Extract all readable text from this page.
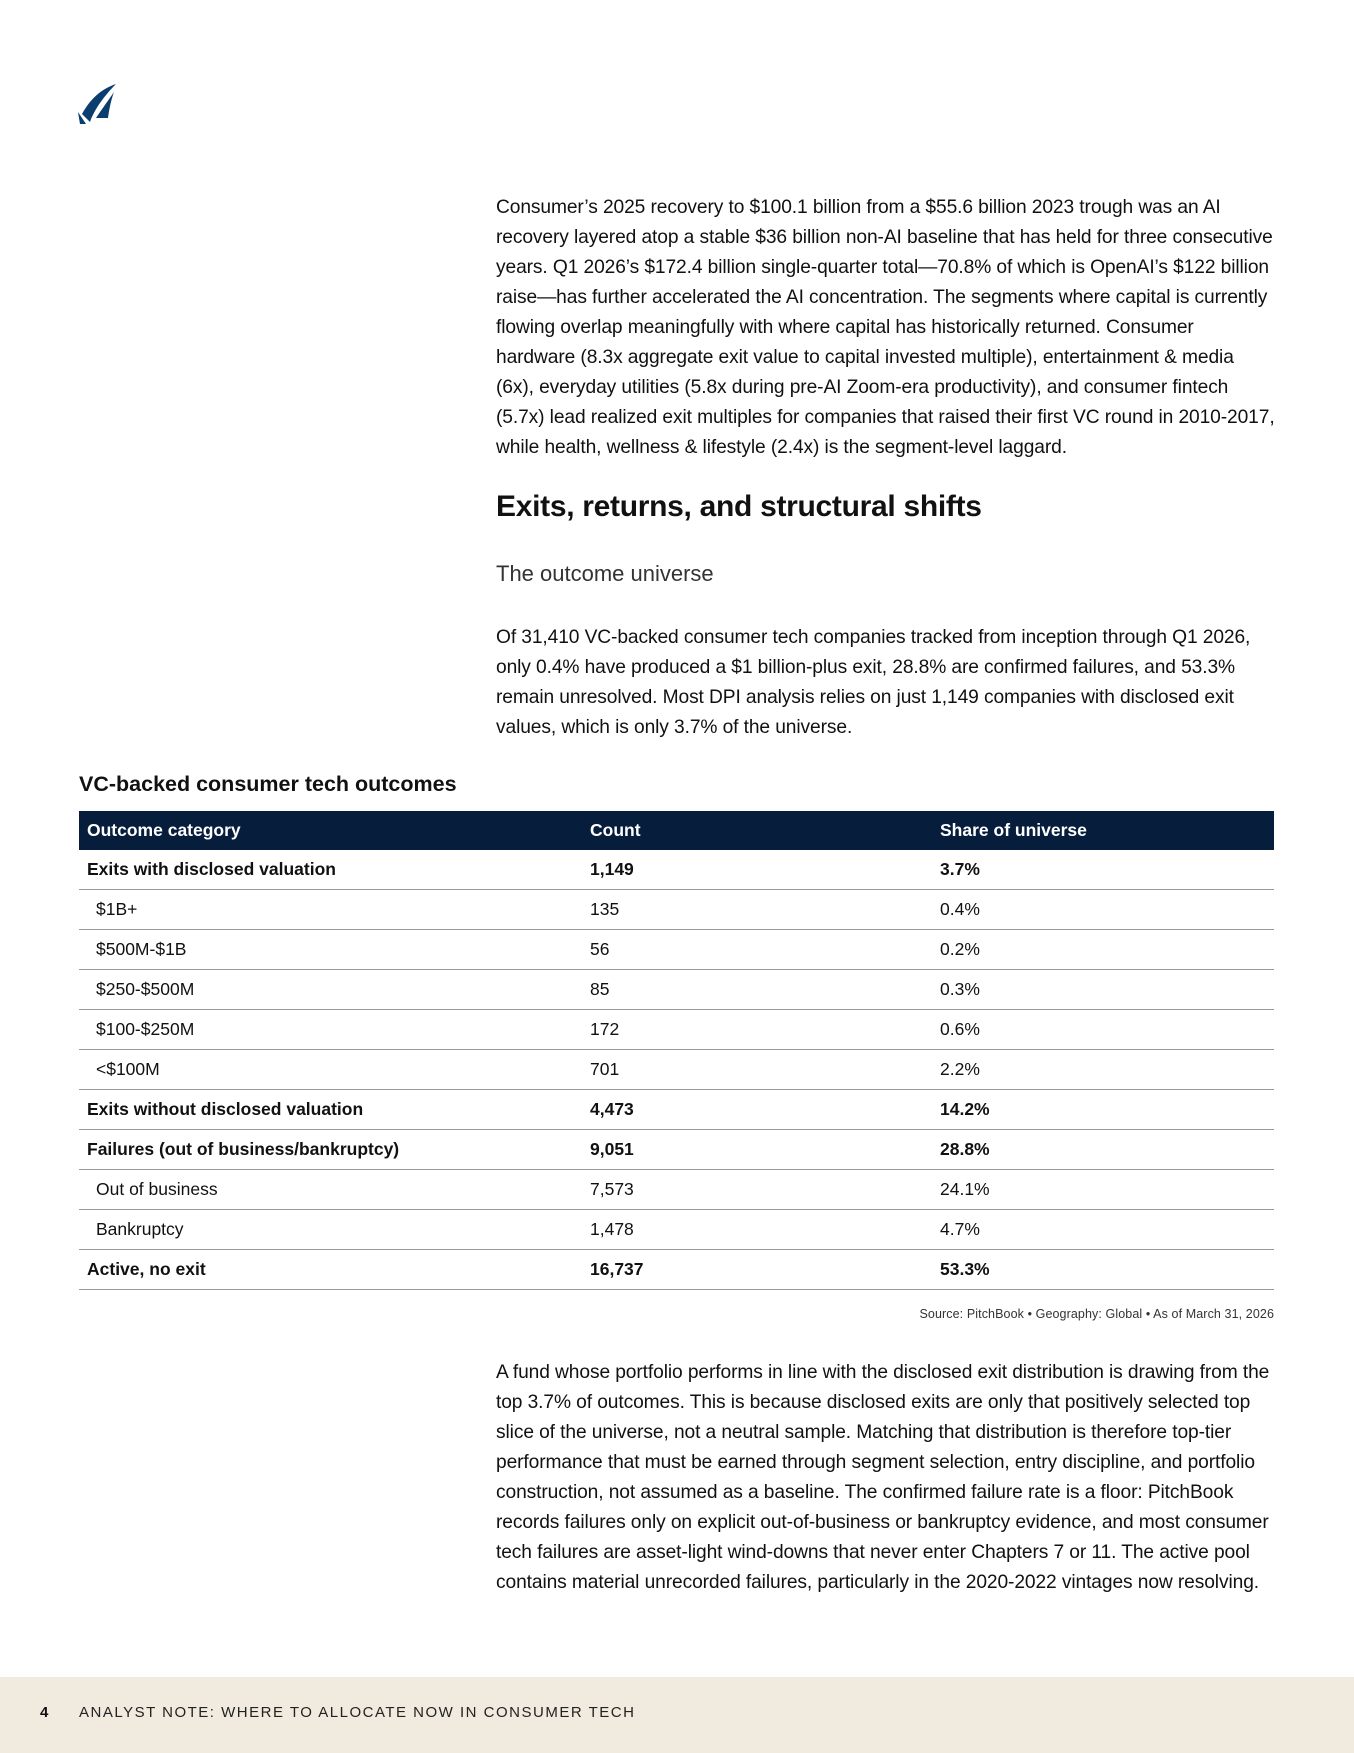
Consumer’s 2025 recovery to $100.1 billion from a $55.6 billion 2023 trough was an AI recovery layered atop a stable $36 billion non-AI baseline that has held for three consecutive years. Q1 2026’s $172.4 billion single-quarter total—70.8% of which is OpenAI’s $122 billion raise—has further accelerated the AI concentration. The segments where capital is currently flowing overlap meaningfully with where capital has historically returned. Consumer hardware (8.3x aggregate exit value to capital invested multiple), entertainment & media (6x), everyday utilities (5.8x during pre-AI Zoom-era productivity), and consumer fintech (5.7x) lead realized exit multiples for companies that raised their first VC round in 2010-2017, while health, wellness & lifestyle (2.4x) is the segment-level laggard.

Exits, returns, and structural shifts
The outcome universe

Of 31,410 VC-backed consumer tech companies tracked from inception through Q1 2026, only 0.4% have produced a $1 billion-plus exit, 28.8% are confirmed failures, and 53.3% remain unresolved. Most DPI analysis relies on just 1,149 companies with disclosed exit values, which is only 3.7% of the universe.

VC-backed consumer tech outcomes
Outcome category	Count	Share of universe
Exits with disclosed valuation	1,149	3.7%
$1B+	135	0.4%
$500M-$1B	56	0.2%
$250-$500M	85	0.3%
$100-$250M	172	0.6%
<$100M	701	2.2%
Exits without disclosed valuation	4,473	14.2%
Failures (out of business/bankruptcy)	9,051	28.8%
Out of business	7,573	24.1%
Bankruptcy	1,478	4.7%
Active, no exit	16,737	53.3%
Source: PitchBook • Geography: Global • As of March 31, 2026

A fund whose portfolio performs in line with the disclosed exit distribution is drawing from the top 3.7% of outcomes. This is because disclosed exits are only that positively selected top slice of the universe, not a neutral sample. Matching that distribution is therefore top-tier performance that must be earned through segment selection, entry discipline, and portfolio construction, not assumed as a baseline. The confirmed failure rate is a floor: PitchBook records failures only on explicit out-of-business or bankruptcy evidence, and most consumer tech failures are asset-light wind-downs that never enter Chapters 7 or 11. The active pool contains material unrecorded failures, particularly in the 2020-2022 vintages now resolving.

4 ANALYST NOTE: WHERE TO ALLOCATE NOW IN CONSUMER TECH
